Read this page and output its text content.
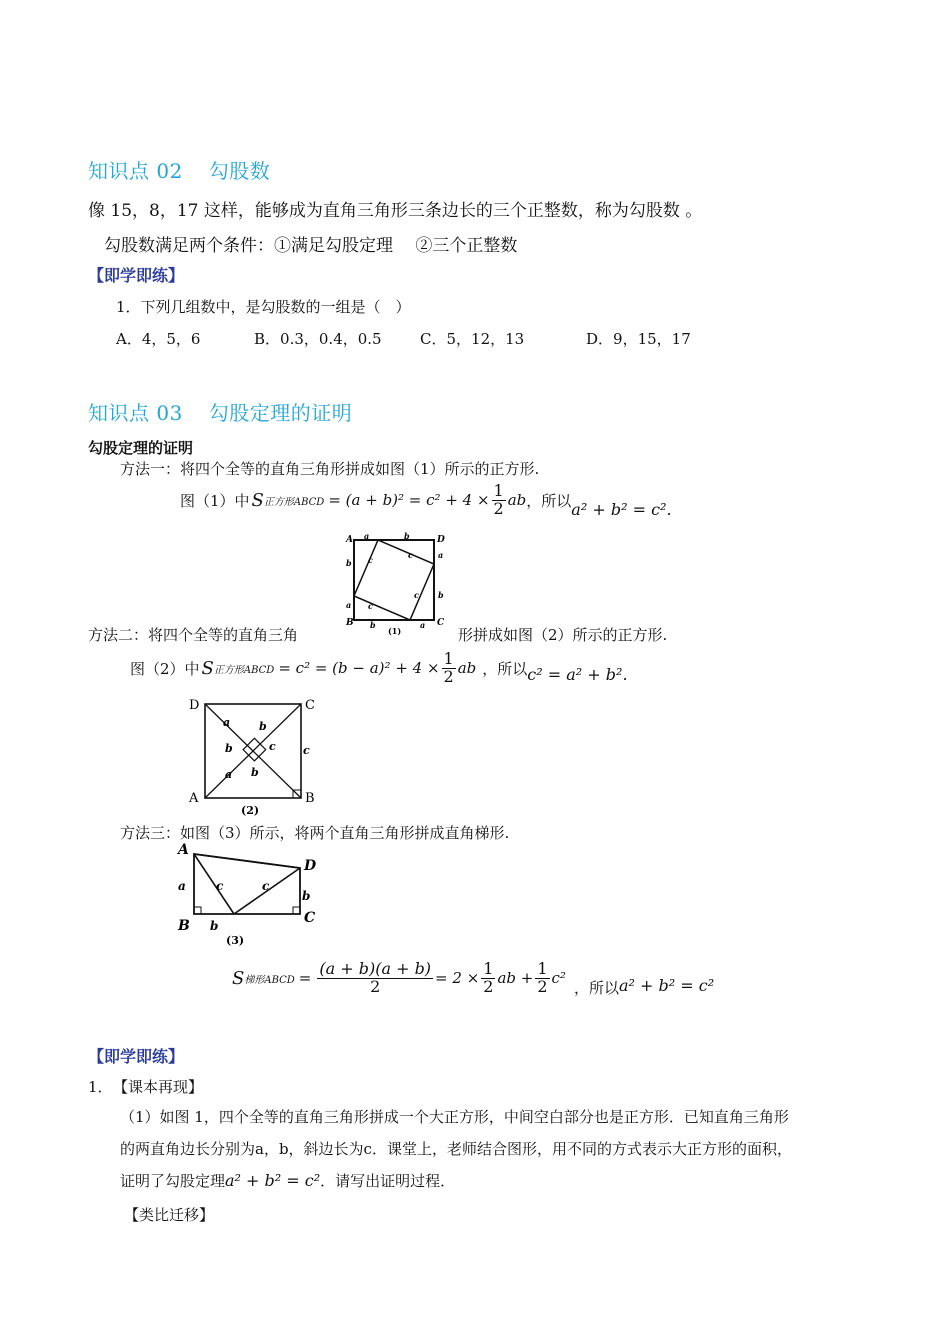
知识点 02 勾股数
像 15，8，17 这样，能够成为直角三角形三条边长的三个正整数，称为勾股数 。
勾股数满足两个条件：①满足勾股定理　 ②三个正整数
【即学即练】
1．下列几组数中，是勾股数的一组是（　）
A．4，5，6	B．0.3，0.4，0.5	C．5，12，13	D．9，15，17
知识点 03 勾股定理的证明
勾股定理的证明
方法一：将四个全等的直角三角形拼成如图（1）所示的正方形.
图（1）中 S 正方形ABCD = $(a + b)^2 = c^2 + 4 \times \frac{1}{2}$ ab ，所以 a² + b² = c².
A	D
B	C
a	b
b
a
c	c
c
c
b
a
a
b
(1)
方法二：将四个全等的直角三角	形拼成如图（2）所示的正方形.
图（2）中 S 正方形ABCD = $c^2 = (b - a)^2 + 4 \times \frac{1}{2}$ ab ，所以 c² = a² + b².
D	C
A	B
a	b
b
a b
c
c
(2)
方法三：如图（3）所示，将两个直角三角形拼成直角梯形.
A
B
D
C
a	c	c
b
b
(3)
S 梯形ABCD = $\frac{(a + b)(a + b)}{2} = 2 \times \frac{1}{2}$ ab + $\frac{1}{2} c^2$
，所以 a² + b² = c²
【即学即练】
1． 【课本再现】
（1）如图 1，四个全等的直角三角形拼成一个大正方形，中间空白部分也是正方形．已知直角三角形
的两直角边长分别为a，b，斜边长为c．课堂上，老师结合图形，用不同的方式表示大正方形的面积，
证明了勾股定理a² + b² = c²．请写出证明过程．
【类比迁移】
